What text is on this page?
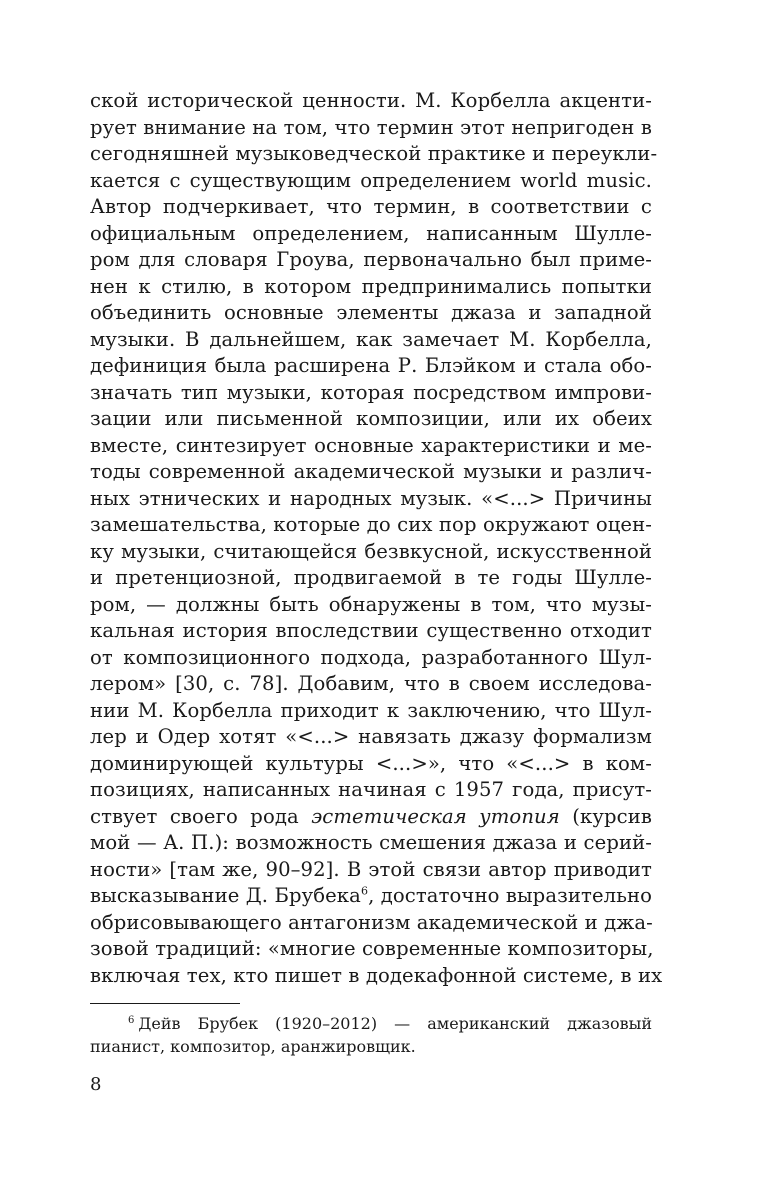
ской исторической ценности. М. Корбелла акценти-
рует внимание на том, что термин этот непригоден в
сегодняшней музыковедческой практике и переукли-
кается с существующим определением world music.
Автор подчеркивает, что термин, в соответствии с
официальным определением, написанным Шулле-
ром для словаря Гроува, первоначально был приме-
нен к стилю, в котором предпринимались попытки
объединить основные элементы джаза и западной
музыки. В дальнейшем, как замечает М. Корбелла,
дефиниция была расширена Р. Блэйком и стала обо-
значать тип музыки, которая посредством импрови-
зации или письменной композиции, или их обеих
вместе, синтезирует основные характеристики и ме-
тоды современной академической музыки и различ-
ных этнических и народных музык. «<...> Причины
замешательства, которые до сих пор окружают оцен-
ку музыки, считающейся безвкусной, искусственной
и претенциозной, продвигаемой в те годы Шулле-
ром, — должны быть обнаружены в том, что музы-
кальная история впоследствии существенно отходит
от композиционного подхода, разработанного Шул-
лером» [30, с. 78]. Добавим, что в своем исследова-
нии М. Корбелла приходит к заключению, что Шул-
лер и Одер хотят «<...> навязать джазу формализм
доминирующей культуры <...>», что «<...> в ком-
позициях, написанных начиная с 1957 года, присут-
ствует своего рода эстетическая утопия (курсив
мой — А. П.): возможность смешения джаза и серий-
ности» [там же, 90–92]. В этой связи автор приводит
высказывание Д. Брубека$^6$, достаточно выразительно
обрисовывающего антагонизм академической и джа-
зовой традиций: «многие современные композиторы,
включая тех, кто пишет в додекафонной системе, в их
$^6$ Дейв Брубек (1920–2012) — американский джазовый
пианист, композитор, аранжировщик.
8
